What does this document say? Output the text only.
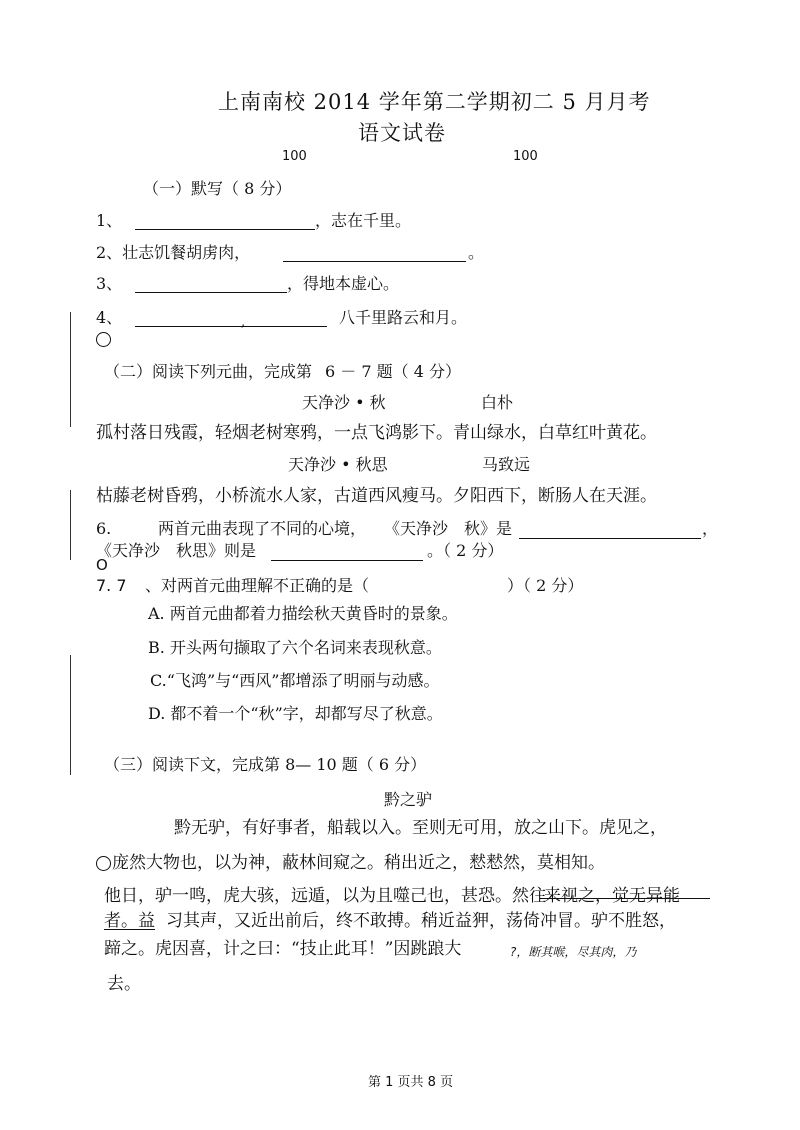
上南南校 2014 学年第二学期初二 5 月月考
语文试卷
100	100
（一）默写（ 8 分）
1、	，志在千里。
2、壮志饥餐胡虏肉，	。
3、	，得地本虚心。
4、	,	八千里路云和月。
（二）阅读下列元曲，完成第 6 － 7 题（ 4 分）
天净沙 • 秋	白朴
孤村落日残霞，轻烟老树寒鸦，一点飞鸿影下。青山绿水，白草红叶黄花。
天净沙 • 秋思	马致远
枯藤老树昏鸦，小桥流水人家，古道西风瘦马。夕阳西下，断肠人在天涯。
6.	两首元曲表现了不同的心境， 《天净沙　秋》是	，
《天净沙　秋思》则是	。（ 2 分）
O
7. 7 、对两首元曲理解不正确的是（	）（ 2 分）
A. 两首元曲都着力描绘秋天黄昏时的景象。
B. 开头两句撷取了六个名词来表现秋意。
C.“飞鸿”与“西风”都增添了明丽与动感。
D. 都不着一个“秋”字，却都写尽了秋意。
（三）阅读下文，完成第 8— 10 题（ 6 分）
黔之驴
黔无驴，有好事者，船载以入。至则无可用，放之山下。虎见之，
庞然大物也，以为神，蔽林间窥之。稍出近之，慭慭然，莫相知。
他日，驴一鸣，虎大骇，远遁，以为且噬己也，甚恐。然往
来视之，觉无异能
者。益 习其声，又近出前后，终不敢搏。稍近益狎，荡倚冲冒。驴不胜怒，
蹄之。虎因喜，计之曰：“技止此耳！”因跳踉大	?，断其喉，尽其肉，乃
去。
第 1 页共 8 页
